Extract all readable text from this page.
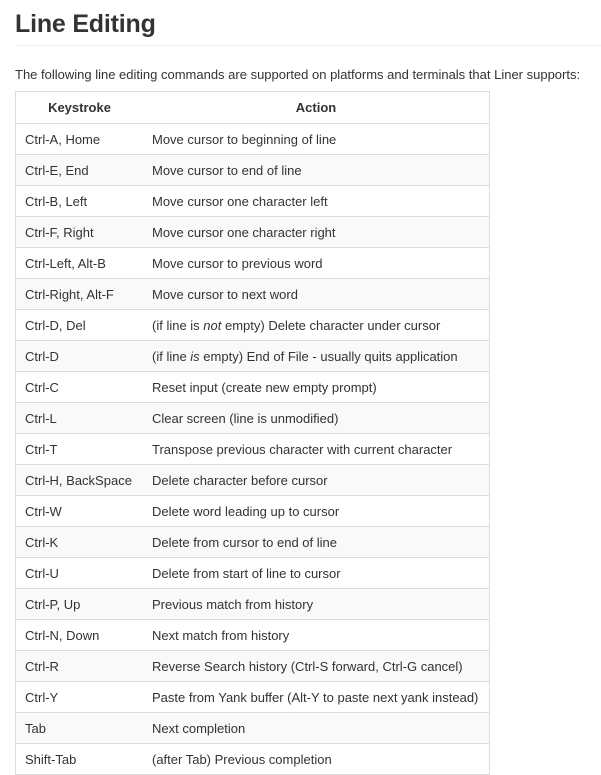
Line Editing

The following line editing commands are supported on platforms and terminals that Liner supports:

Keystroke	Action
Ctrl-A, Home	Move cursor to beginning of line
Ctrl-E, End	Move cursor to end of line
Ctrl-B, Left	Move cursor one character left
Ctrl-F, Right	Move cursor one character right
Ctrl-Left, Alt-B	Move cursor to previous word
Ctrl-Right, Alt-F	Move cursor to next word
Ctrl-D, Del	(if line is not empty) Delete character under cursor
Ctrl-D	(if line is empty) End of File - usually quits application
Ctrl-C	Reset input (create new empty prompt)
Ctrl-L	Clear screen (line is unmodified)
Ctrl-T	Transpose previous character with current character
Ctrl-H, BackSpace	Delete character before cursor
Ctrl-W	Delete word leading up to cursor
Ctrl-K	Delete from cursor to end of line
Ctrl-U	Delete from start of line to cursor
Ctrl-P, Up	Previous match from history
Ctrl-N, Down	Next match from history
Ctrl-R	Reverse Search history (Ctrl-S forward, Ctrl-G cancel)
Ctrl-Y	Paste from Yank buffer (Alt-Y to paste next yank instead)
Tab	Next completion
Shift-Tab	(after Tab) Previous completion
